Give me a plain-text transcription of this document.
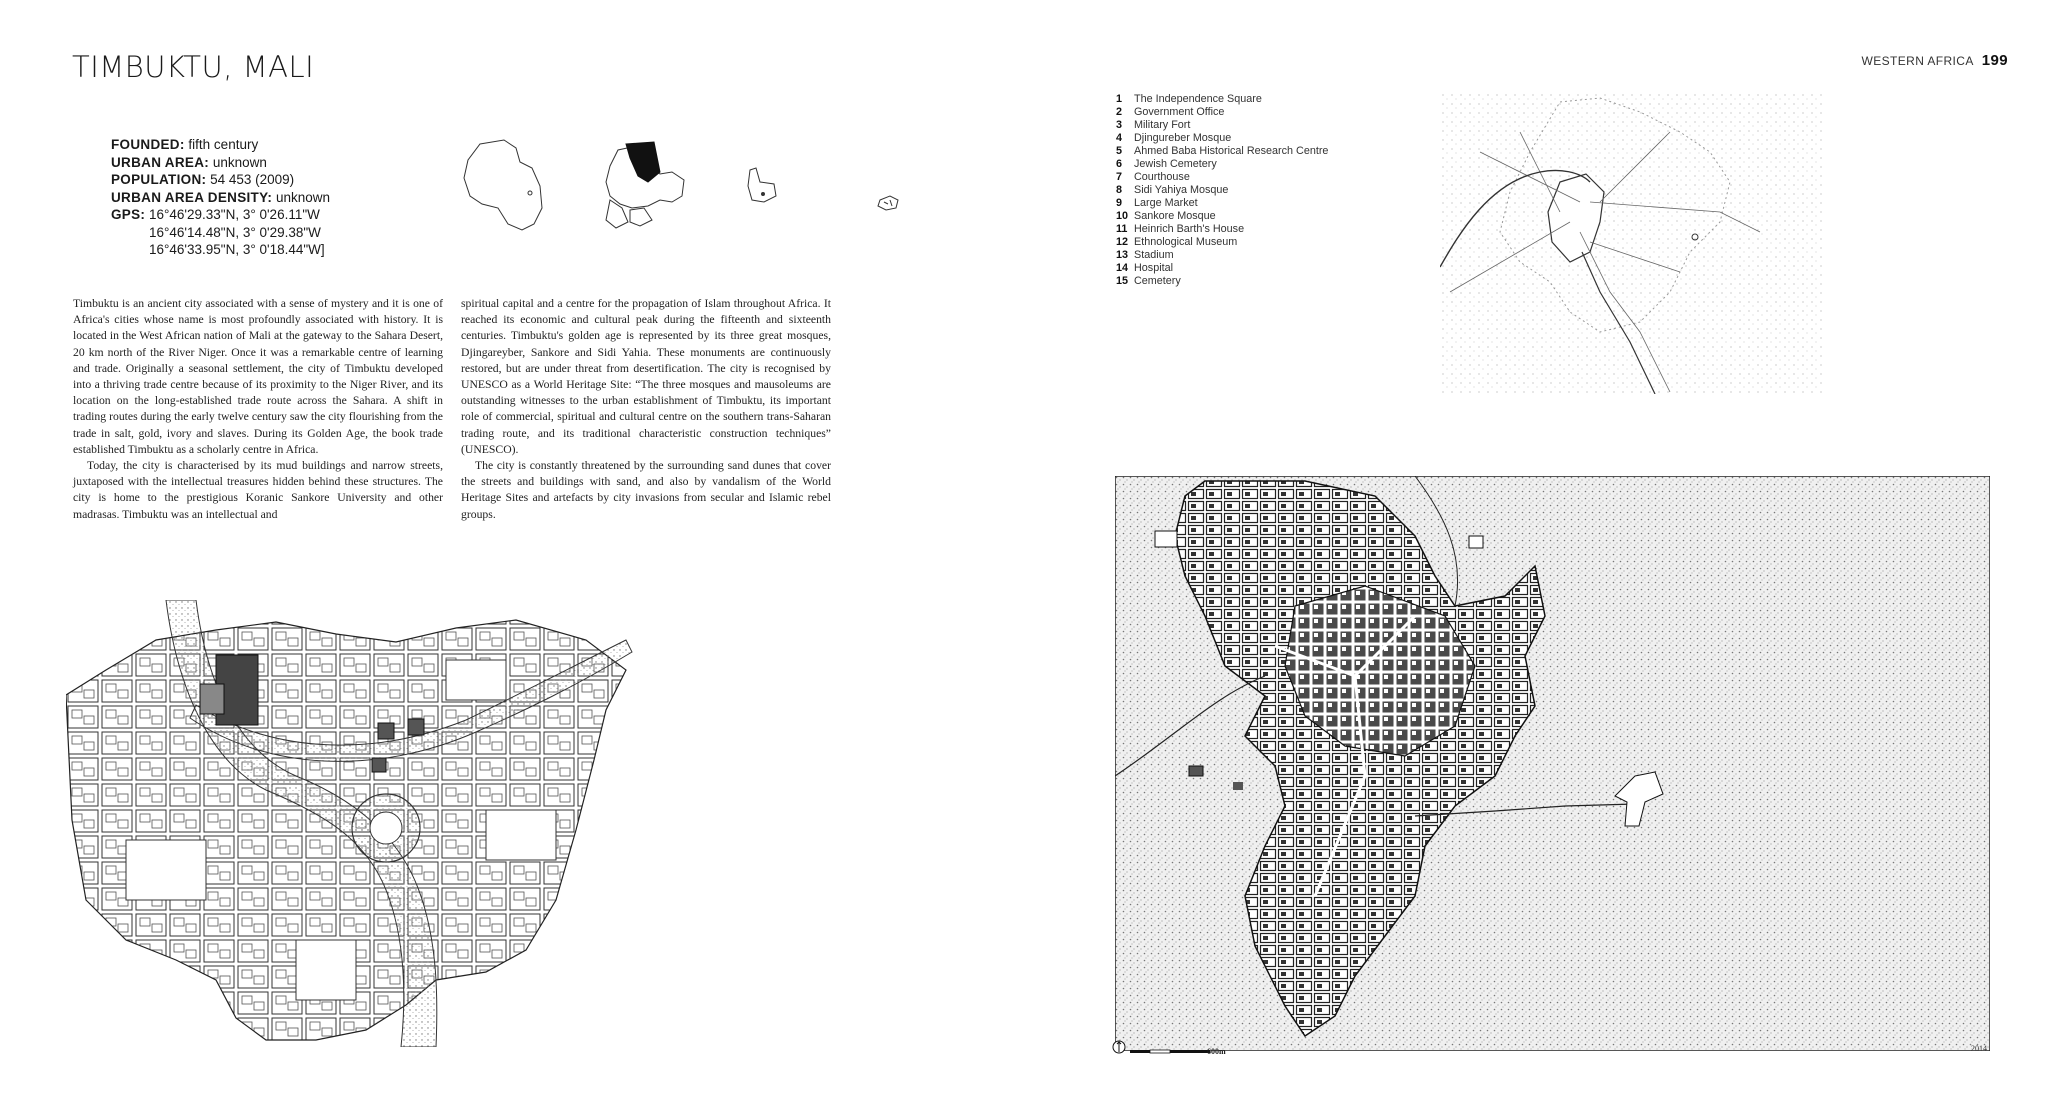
TIMBUKTU, MALI
FOUNDED: fifth century
URBAN AREA: unknown
POPULATION: 54 453 (2009)
URBAN AREA DENSITY: unknown
GPS: 16°46'29.33"N, 3° 0'26.11"W
16°46'14.48"N, 3° 0'29.38"W
16°46'33.95"N, 3° 0'18.44"W]

Timbuktu is an ancient city associated with a sense of mystery and it is one of Africa's cities whose name is most profoundly associated with history. It is located in the West African nation of Mali at the gateway to the Sahara Desert, 20 km north of the River Niger. Once it was a remarkable centre of learning and trade. Originally a seasonal settlement, the city of Timbuktu developed into a thriving trade centre because of its proximity to the Niger River, and its location on the long-established trade route across the Sahara. A shift in trading routes during the early twelve century saw the city flourishing from the trade in salt, gold, ivory and slaves. During its Golden Age, the book trade established Timbuktu as a scholarly centre in Africa.

Today, the city is characterised by its mud buildings and narrow streets, juxtaposed with the intellectual treasures hidden behind these structures. The city is home to the prestigious Koranic Sankore University and other madrasas. Timbuktu was an intellectual and

spiritual capital and a centre for the propagation of Islam throughout Africa. It reached its economic and cultural peak during the fifteenth and sixteenth centuries. Timbuktu's golden age is represented by its three great mosques, Djingareyber, Sankore and Sidi Yahia. These monuments are continuously restored, but are under threat from desertification. The city is recognised by UNESCO as a World Heritage Site: “The three mosques and mausoleums are outstanding witnesses to the urban establishment of Timbuktu, its important role of commercial, spiritual and cultural centre on the southern trans-Saharan trading route, and its traditional characteristic construction techniques” (UNESCO).

The city is constantly threatened by the surrounding sand dunes that cover the streets and buildings with sand, and also by vandalism of the World Heritage Sites and artefacts by city invasions from secular and Islamic rebel groups.

WESTERN AFRICA 199
1 The Independence Square
2 Government Office
3 Military Fort
4 Djingureber Mosque
5 Ahmed Baba Historical Research Centre
6 Jewish Cemetery
7 Courthouse
8 Sidi Yahiya Mosque
9 Large Market
10 Sankore Mosque
11 Heinrich Barth's House
12 Ethnological Museum
13 Stadium
14 Hospital
15 Cemetery
600m	2014
